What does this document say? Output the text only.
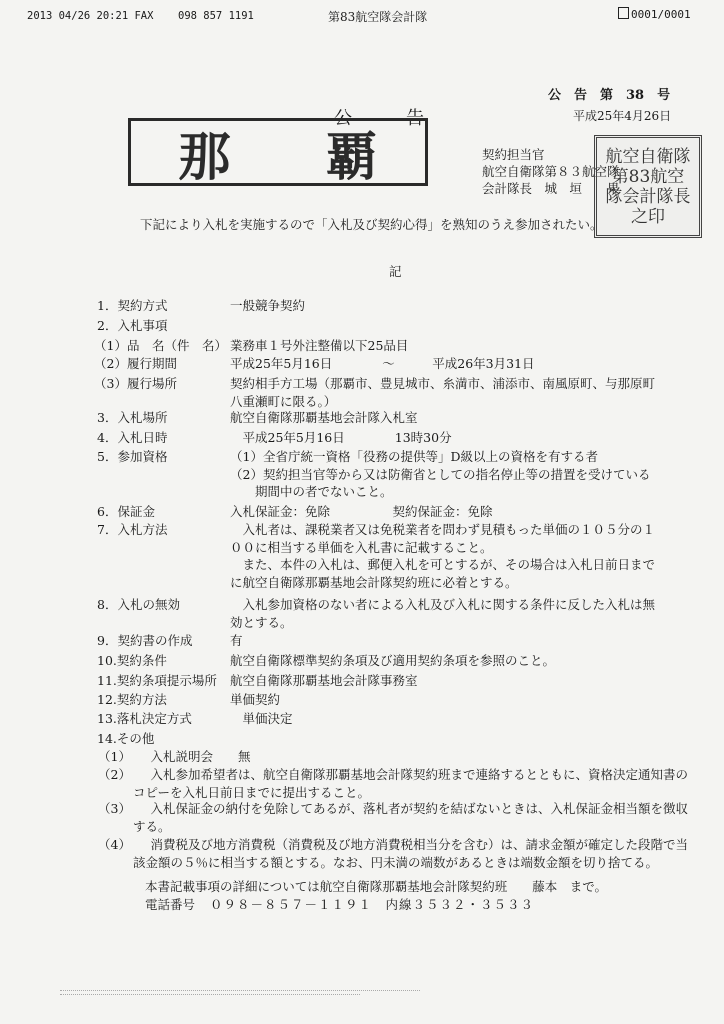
2013 04/26 20:21 FAX 098 857 1191	第83航空隊会計隊	0001/0001
公　告　第　38　号
公　　告	平成25年4月26日
那 覇	契約担当官
航空自衛隊第８３航空隊
会計隊長　城　垣　　果
航空自衛隊
第83航空
隊会計隊長
之印
下記により入札を実施するので「入札及び契約心得」を熟知のうえ参加されたい。
記
1．契約方式	一般競争契約
2．入札事項
（1）品　名（件　名） 業務車１号外注整備以下25品目
（2）履行期間	平成25年5月16日　　　　～　　　平成26年3月31日
（3）履行場所	契約相手方工場（那覇市、豊見城市、糸満市、浦添市、南風原町、与那原町
八重瀬町に限る。）
3．入札場所	航空自衛隊那覇基地会計隊入札室
4．入札日時	　平成25年5月16日　　　　13時30分
5．参加資格	（1）全省庁統一資格「役務の提供等」D級以上の資格を有する者
（2）契約担当官等から又は防衛省としての指名停止等の措置を受けている
　　期間中の者でないこと。
6．保証金	入札保証金：免除　　　　　契約保証金：免除
7．入札方法	　入札者は、課税業者又は免税業者を問わず見積もった単価の１０５分の１
００に相当する単価を入札書に記載すること。
　また、本件の入札は、郵便入札を可とするが、その場合は入札日前日まで
に航空自衛隊那覇基地会計隊契約班に必着とする。
8．入札の無効	　入札参加資格のない者による入札及び入札に関する条件に反した入札は無
効とする。
9．契約書の作成	有
10.契約条件	航空自衛隊標準契約条項及び適用契約条項を参照のこと。
11.契約条項提示場所 航空自衛隊那覇基地会計隊事務室
12.契約方法	単価契約
13.落札決定方式	　単価決定
14.その他
（1） 　入札説明会　　無
（2） 　入札参加希望者は、航空自衛隊那覇基地会計隊契約班まで連絡するとともに、資格決定通知書の
コピーを入札日前日までに提出すること。
（3） 　入札保証金の納付を免除してあるが、落札者が契約を結ばないときは、入札保証金相当額を徴収
する。
（4） 　消費税及び地方消費税（消費税及び地方消費税相当分を含む）は、請求金額が確定した段階で当
該金額の５％に相当する額とする。なお、円未満の端数があるときは端数金額を切り捨てる。
本書記載事項の詳細については航空自衛隊那覇基地会計隊契約班　　藤本　まで。
電話番号 ０９８－８５７－１１９１　内線３５３２・３５３３
